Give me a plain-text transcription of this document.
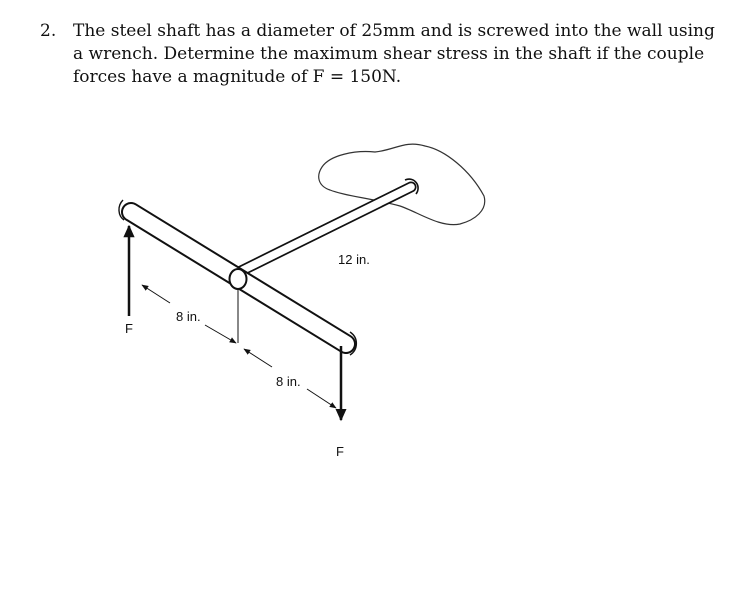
2. The steel shaft has a diameter of 25mm and is screwed into the wall using a wrench. Determine the maximum shear stress in the shaft if the couple forces have a magnitude of F = 150N.
12 in.
8 in.
8 in.
F
F
